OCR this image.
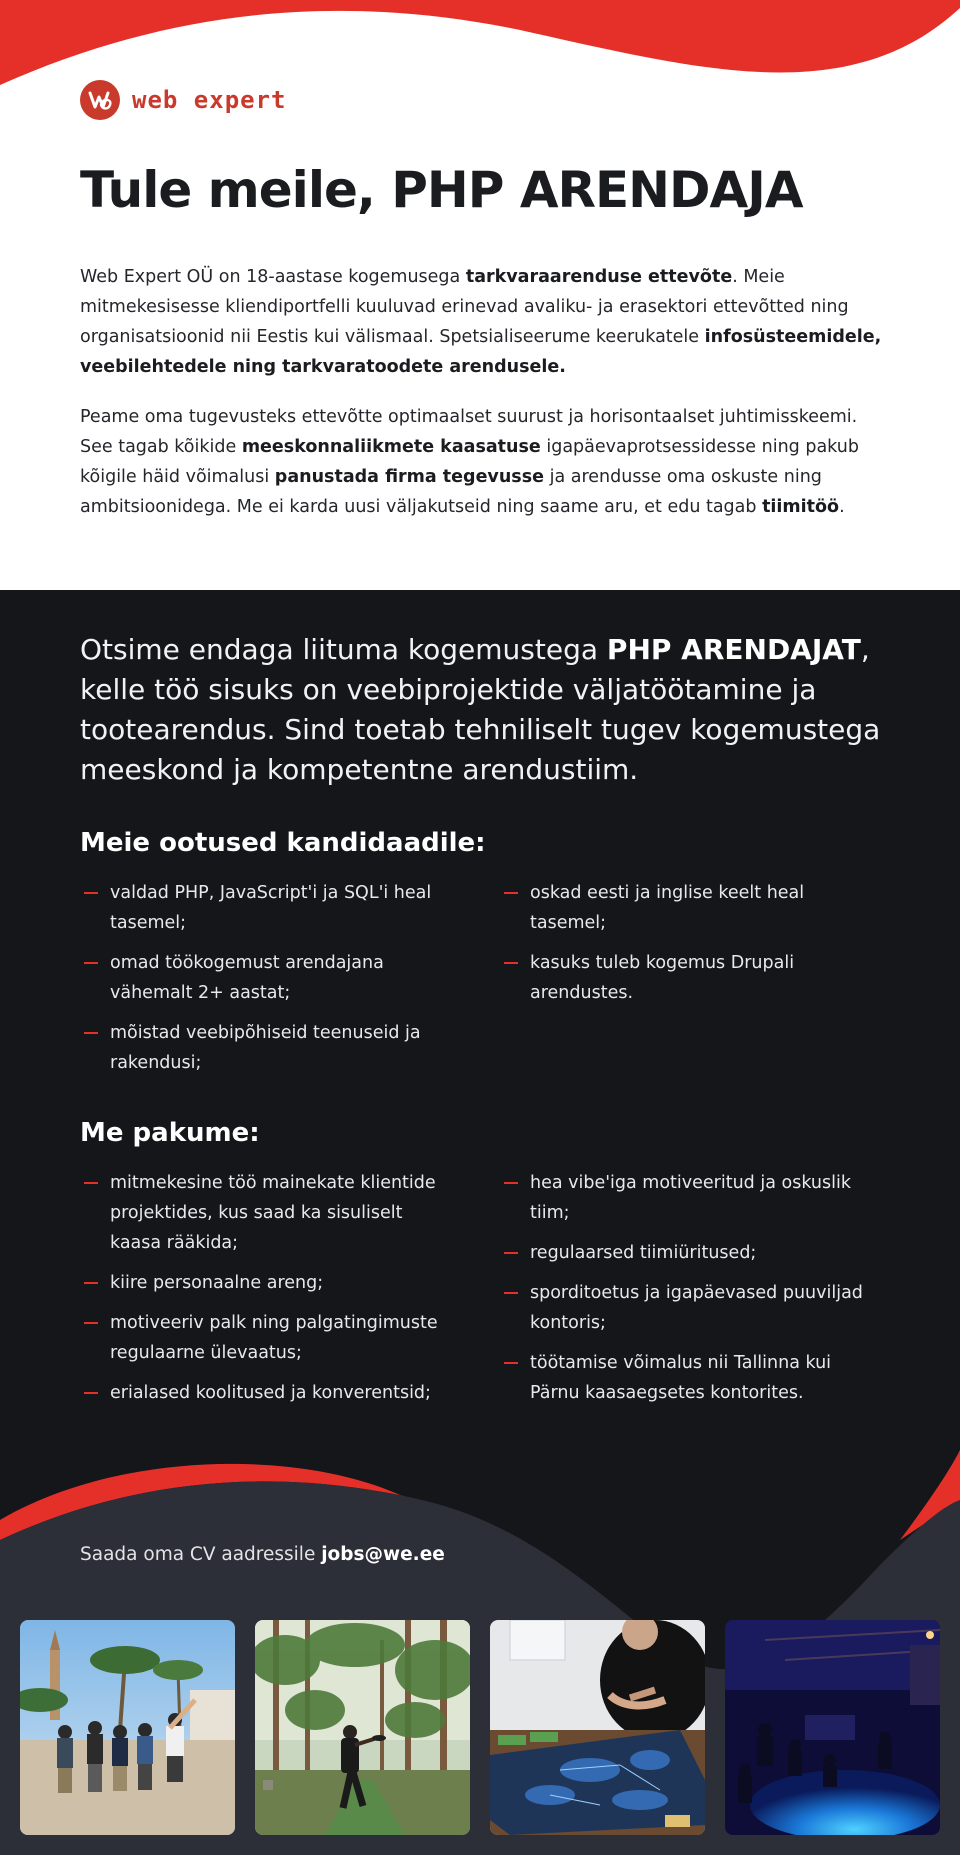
web expert
Tule meile, PHP ARENDAJA

Web Expert OÜ on 18-aastase kogemusega tarkvaraarenduse ettevõte. Meie mitmekesisesse kliendiportfelli kuuluvad erinevad avaliku- ja erasektori ettevõtted ning organisatsioonid nii Eestis kui välismaal. Spetsialiseerume keerukatele infosüsteemidele, veebilehtedele ning tarkvaratoodete arendusele.

Peame oma tugevusteks ettevõtte optimaalset suurust ja horisontaalset juhtimisskeemi. See tagab kõikide meeskonnaliikmete kaasatuse igapäevaprotsessidesse ning pakub kõigile häid võimalusi panustada firma tegevusse ja arendusse oma oskuste ning ambitsioonidega. Me ei karda uusi väljakutseid ning saame aru, et edu tagab tiimitöö.

Otsime endaga liituma kogemustega PHP ARENDAJAT, kelle töö sisuks on veebiprojektide väljatöötamine ja tootearendus. Sind toetab tehniliselt tugev kogemustega meeskond ja kompetentne arendustiim.

Meie ootused kandidaadile:
valdad PHP, JavaScript'i ja SQL'i heal tasemel;
omad töökogemust arendajana vähemalt 2+ aastat;
mõistad veebipõhiseid teenuseid ja rakendusi;
oskad eesti ja inglise keelt heal tasemel;
kasuks tuleb kogemus Drupali arendustes.
Me pakume:
mitmekesine töö mainekate klientide projektides, kus saad ka sisuliselt kaasa rääkida;
kiire personaalne areng;
motiveeriv palk ning palgatingimuste regulaarne ülevaatus;
erialased koolitused ja konverentsid;
hea vibe'iga motiveeritud ja oskuslik tiim;
regulaarsed tiimiüritused;
sporditoetus ja igapäevased puuviljad kontoris;
töötamise võimalus nii Tallinna kui Pärnu kaasaegsetes kontorites.

Saada oma CV aadressile jobs@we.ee
